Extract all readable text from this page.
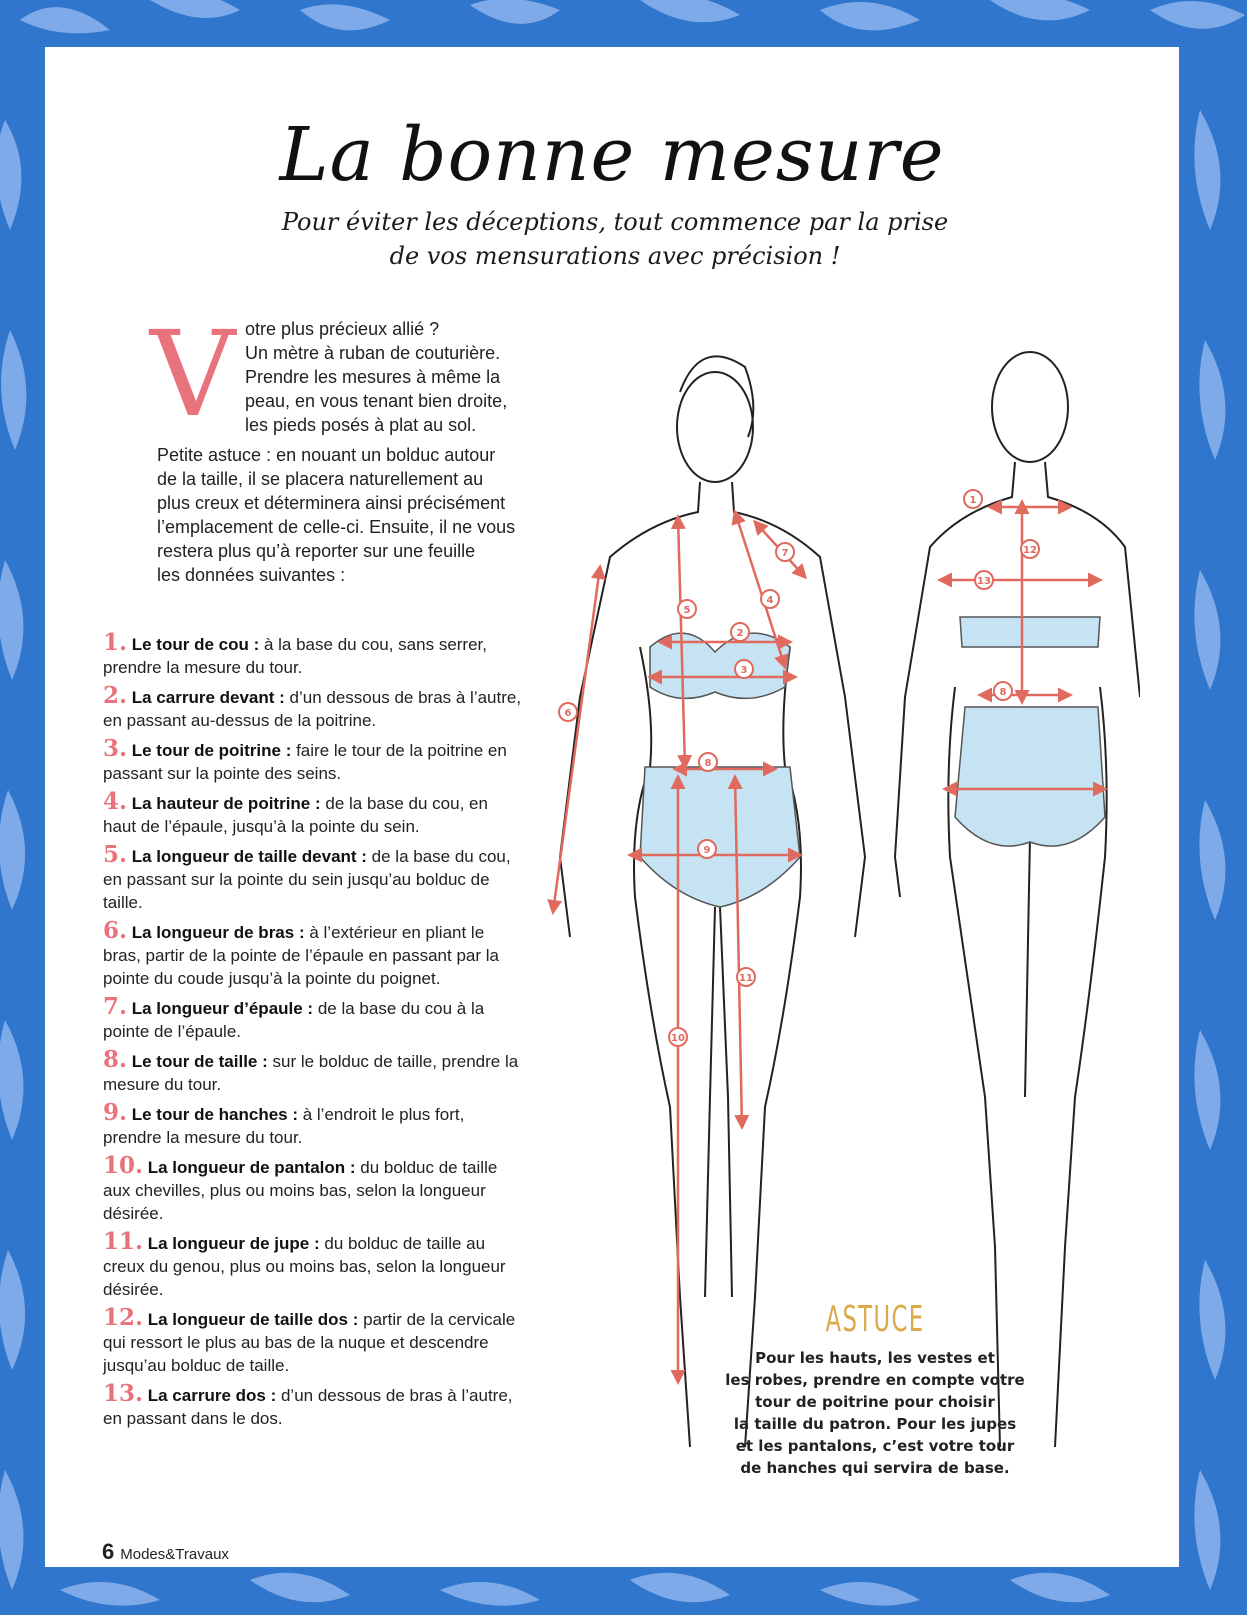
La bonne mesure
Pour éviter les déceptions, tout commence par la prise
de vos mensurations avec précision !
V otre plus précieux allié ?
Un mètre à ruban de couturière.
Prendre les mesures à même la
peau, en vous tenant bien droite,
les pieds posés à plat au sol.
Petite astuce : en nouant un bolduc autour
de la taille, il se placera naturellement au
plus creux et déterminera ainsi précisément
l’emplacement de celle-ci. Ensuite, il ne vous
restera plus qu’à reporter sur une feuille
les données suivantes :
1. Le tour de cou : à la base du cou, sans serrer, prendre la mesure du tour.
2. La carrure devant : d’un dessous de bras à l’autre, en passant au-dessus de la poitrine.
3. Le tour de poitrine : faire le tour de la poitrine en passant sur la pointe des seins.
4. La hauteur de poitrine : de la base du cou, en haut de l’épaule, jusqu’à la pointe du sein.
5. La longueur de taille devant : de la base du cou, en passant sur la pointe du sein jusqu’au bolduc de taille.
6. La longueur de bras : à l’extérieur en pliant le bras, partir de la pointe de l’épaule en passant par la pointe du coude jusqu’à la pointe du poignet.
7. La longueur d’épaule : de la base du cou à la pointe de l’épaule.
8. Le tour de taille : sur le bolduc de taille, prendre la mesure du tour.
9. Le tour de hanches : à l’endroit le plus fort, prendre la mesure du tour.
10. La longueur de pantalon : du bolduc de taille aux chevilles, plus ou moins bas, selon la longueur désirée.
11. La longueur de jupe : du bolduc de taille au creux du genou, plus ou moins bas, selon la longueur désirée.
12. La longueur de taille dos : partir de la cervicale qui ressort le plus au bas de la nuque et descendre jusqu’au bolduc de taille.
13. La carrure dos : d’un dessous de bras à l’autre, en passant dans le dos.
2
3
4
5
6
7
8
9
10
11
1
12
13
8
ASTUCE
Pour les hauts, les vestes et
les robes, prendre en compte votre
tour de poitrine pour choisir
la taille du patron. Pour les jupes
et les pantalons, c’est votre tour
de hanches qui servira de base.
6 Modes&Travaux
